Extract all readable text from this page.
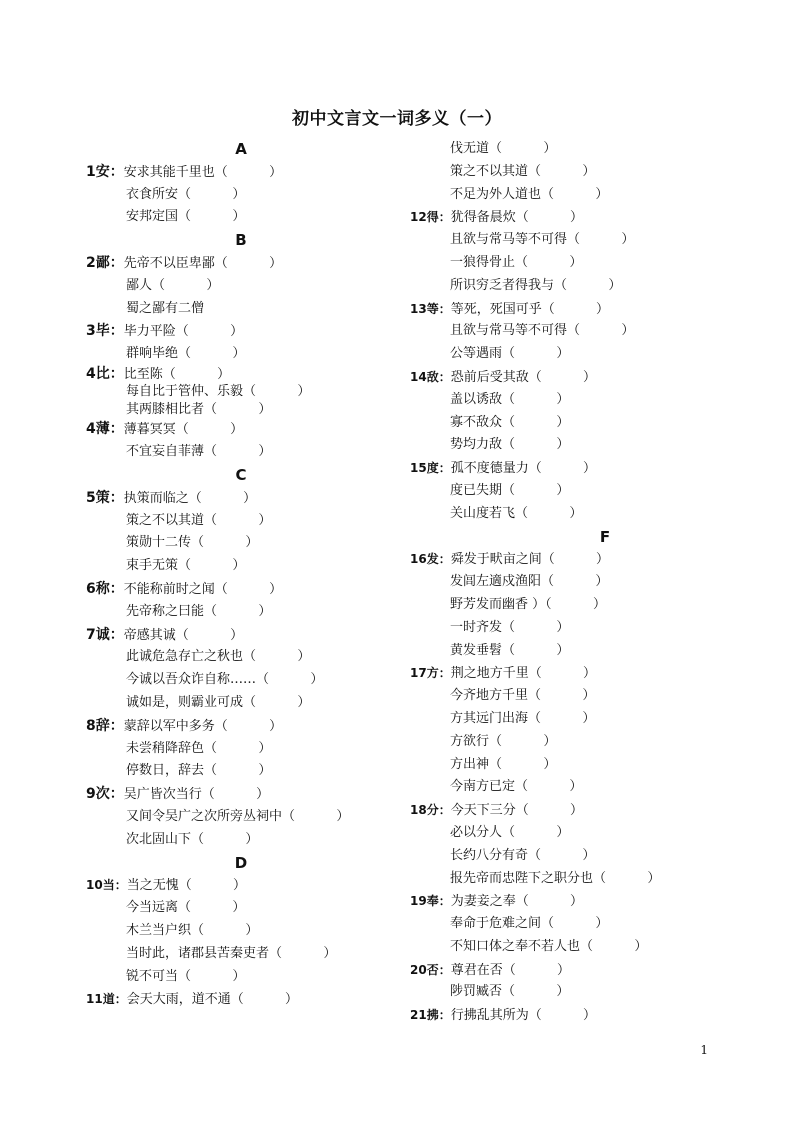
初中文言文一词多义（一）
A
1安：安求其能千里也（	）
衣食所安（	）
安邦定国（	）
B
2鄙：先帝不以臣卑鄙（	）
鄙人（	）
蜀之鄙有二僧
3毕：毕力平险（	）
群响毕绝（	）
4比：比至陈（	）
每自比于管仲、乐毅（	）
其两膝相比者（	）
4薄：薄暮冥冥（	）
不宜妄自菲薄（	）
C
5策：执策而临之（	）
策之不以其道（	）
策勋十二传（	）
束手无策（	）
6称：不能称前时之闻（	）
先帝称之曰能（	）
7诚：帝感其诚（	）
此诚危急存亡之秋也（	）
今诚以吾众诈自称……（	）
诚如是，则霸业可成（	）
8辞：蒙辞以军中多务（	）
未尝稍降辞色（	）
停数日，辞去（	）
9次：吴广皆次当行（	）
又间令吴广之次所旁丛祠中（	）
次北固山下（	）
D
10当：当之无愧（	）
今当远离（	）
木兰当户织（	）
当时此，诸郡县苦秦吏者（	）
锐不可当（	）
11道：会天大雨，道不通（	）
伐无道（	）
策之不以其道（	）
不足为外人道也（	）
12得：犹得备晨炊（	）
且欲与常马等不可得（	）
一狼得骨止（	）
所识穷乏者得我与（	）
13等：等死，死国可乎（	）
且欲与常马等不可得（	）
公等遇雨（	）
14敌：恐前后受其敌（	）
盖以诱敌（	）
寡不敌众（	）
势均力敌（	）
15度：孤不度德量力（	）
度已失期（	）
关山度若飞（	）
F
16发：舜发于畎亩之间（	）
发闾左適戍渔阳（	）
野芳发而幽香 ）（	）
一时齐发（	）
黄发垂髫（	）
17方：荆之地方千里（	）
今齐地方千里（	）
方其远门出海（	）
方欲行（	）
方出神（	）
今南方已定（	）
18分：今天下三分（	）
必以分人（	）
长约八分有奇（	）
报先帝而忠陛下之职分也（	）
19奉：为妻妾之奉（	）
奉命于危难之间（	）
不知口体之奉不若人也（	）
20否：尊君在否（	）
陟罚臧否（	）
21拂：行拂乱其所为（	）
1
